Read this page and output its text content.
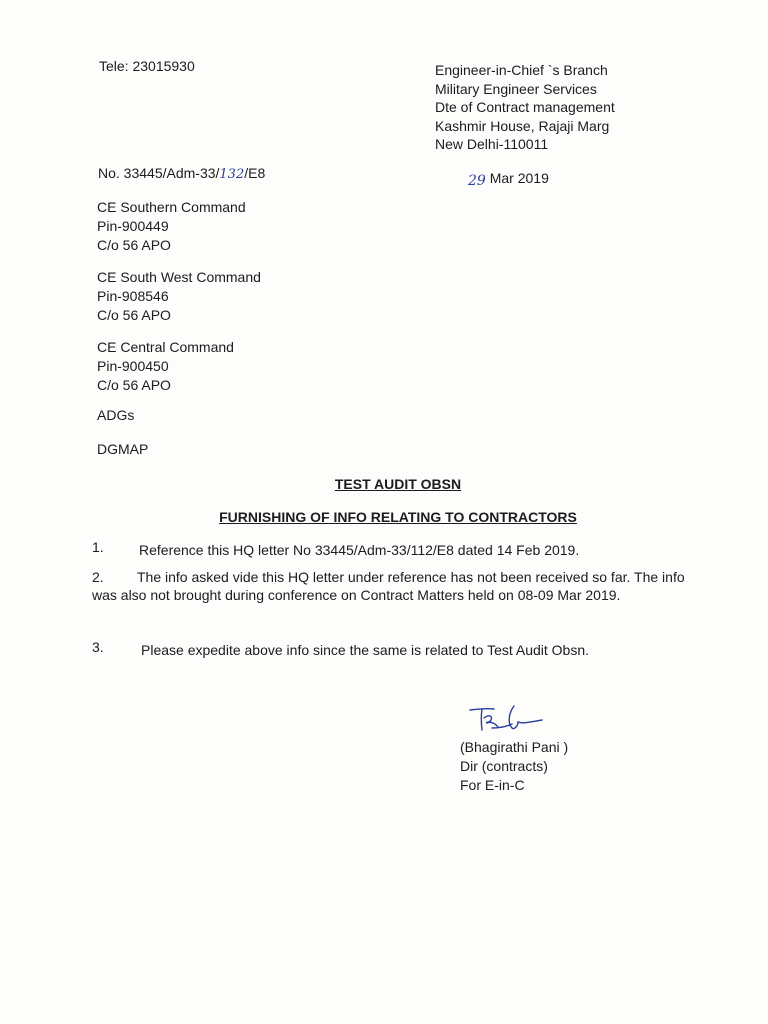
Tele: 23015930	Engineer-in-Chief `s Branch
Military Engineer Services
Dte of Contract management
Kashmir House, Rajaji Marg
New Delhi-110011
No. 33445/Adm-33/132/E8	29 Mar 2019
CE Southern Command
Pin-900449
C/o 56 APO
CE South West Command
Pin-908546
C/o 56 APO
CE Central Command
Pin-900450
C/o 56 APO
ADGs
DGMAP
TEST AUDIT OBSN
FURNISHING OF INFO RELATING TO CONTRACTORS
1.	Reference this HQ letter No 33445/Adm-33/112/E8 dated 14 Feb 2019.
2. The info asked vide this HQ letter under reference has not been received so far. The info was also not brought during conference on Contract Matters held on 08-09 Mar 2019.
3.	Please expedite above info since the same is related to Test Audit Obsn.
(Bhagirathi Pani )
Dir (contracts)
For E-in-C
